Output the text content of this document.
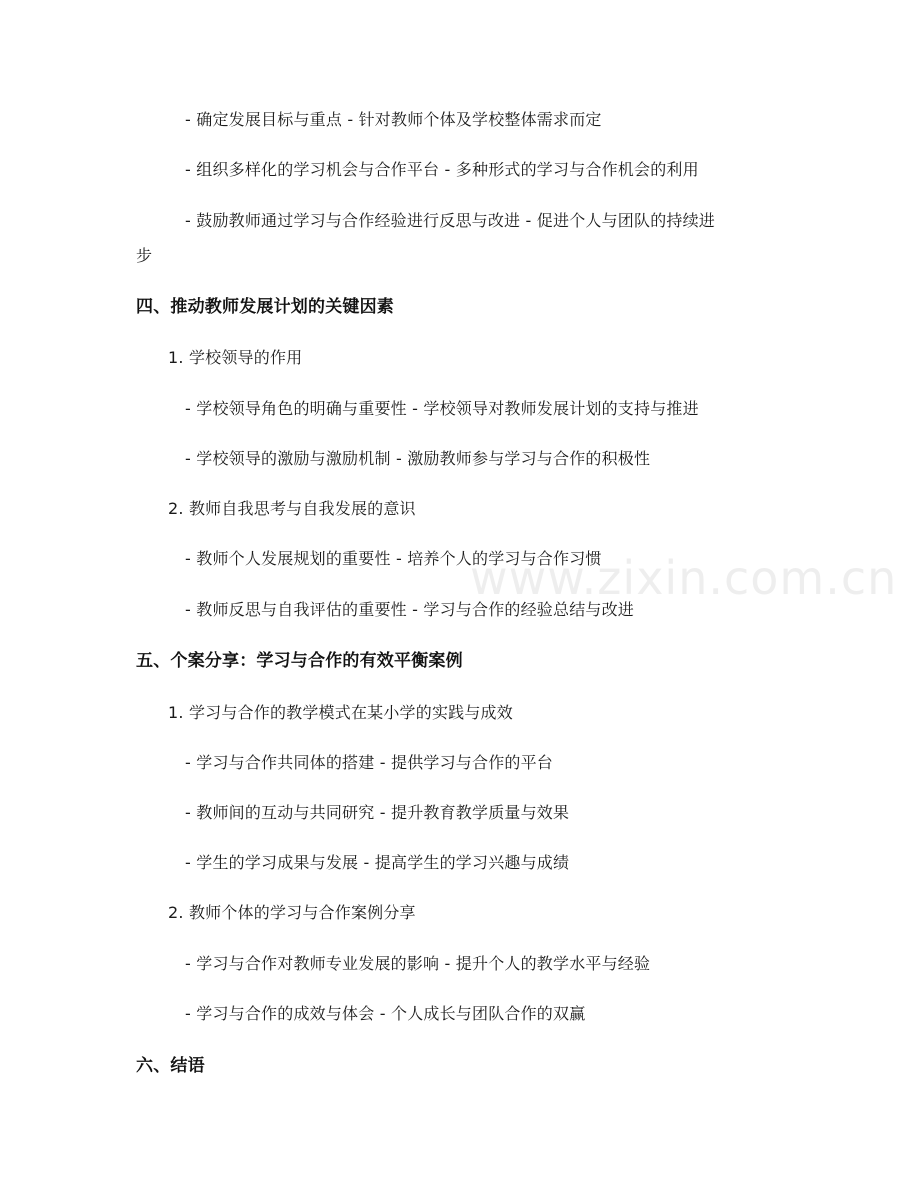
www.zixin.com.cn
- 确定发展目标与重点 - 针对教师个体及学校整体需求而定
- 组织多样化的学习机会与合作平台 - 多种形式的学习与合作机会的利用
- 鼓励教师通过学习与合作经验进行反思与改进 - 促进个人与团队的持续进
步
四、推动教师发展计划的关键因素
1. 学校领导的作用
- 学校领导角色的明确与重要性 - 学校领导对教师发展计划的支持与推进
- 学校领导的激励与激励机制 - 激励教师参与学习与合作的积极性
2. 教师自我思考与自我发展的意识
- 教师个人发展规划的重要性 - 培养个人的学习与合作习惯
- 教师反思与自我评估的重要性 - 学习与合作的经验总结与改进
五、个案分享：学习与合作的有效平衡案例
1. 学习与合作的教学模式在某小学的实践与成效
- 学习与合作共同体的搭建 - 提供学习与合作的平台
- 教师间的互动与共同研究 - 提升教育教学质量与效果
- 学生的学习成果与发展 - 提高学生的学习兴趣与成绩
2. 教师个体的学习与合作案例分享
- 学习与合作对教师专业发展的影响 - 提升个人的教学水平与经验
- 学习与合作的成效与体会 - 个人成长与团队合作的双赢
六、结语
